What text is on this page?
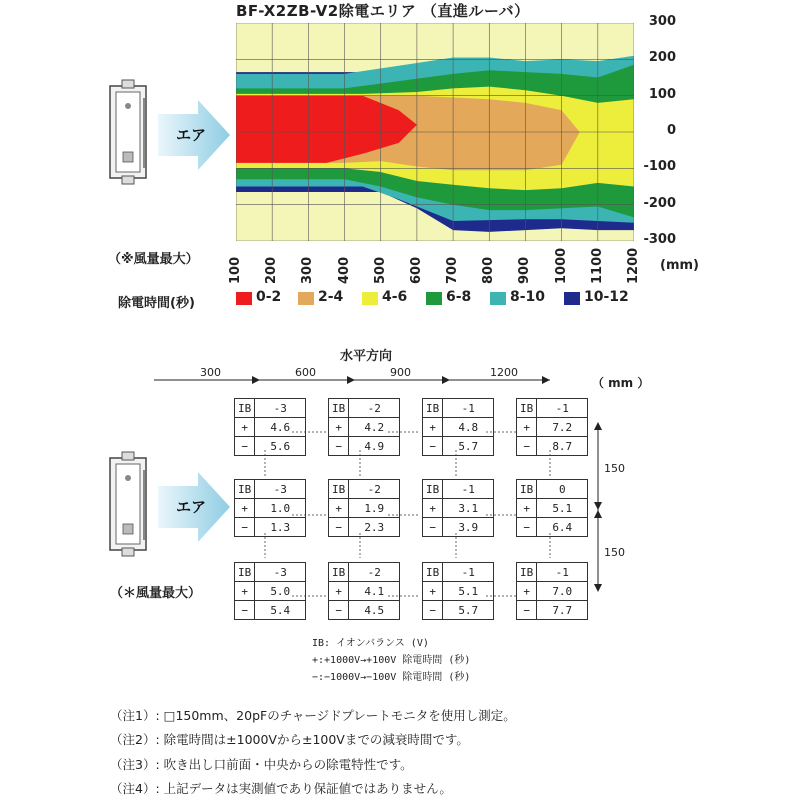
BF-X2ZB-V2除電エリア （直進ルーバ）
300
200
100
0
-100
-200
-300
100 200 300 400 500 600 700 800 900 1000 1100 1200 (mm)
エア
（※風量最大）
除電時間(秒)	0-2	2-4	4-6	6-8	8-10	10-12
水平方向
300	600	900	1200
（ mm ）
IB	-3
+	4.6
−	5.6
IB	-2
+	4.2
−	4.9
IB	-1
+	4.8
−	5.7
IB	-1
+	7.2
−	8.7
IB	-3
+	1.0
−	1.3
IB	-2
+	1.9
−	2.3
IB	-1
+	3.1
−	3.9
IB	0
+	5.1
−	6.4
IB	-3
+	5.0
−	5.4
IB	-2
+	4.1
−	4.5
IB	-1
+	5.1
−	5.7
IB	-1
+	7.0
−	7.7
150
150
エア
（＊風量最大）
IB: イオンバランス (V)
+:+1000V→+100V 除電時間 (秒)
−:−1000V→−100V 除電時間 (秒)
（注1）: □150mm、20pFのチャージドプレートモニタを使用し測定。
（注2）: 除電時間は±1000Vから±100Vまでの減衰時間です。
（注3）: 吹き出し口前面・中央からの除電特性です。
（注4）: 上記データは実測値であり保証値ではありません。
